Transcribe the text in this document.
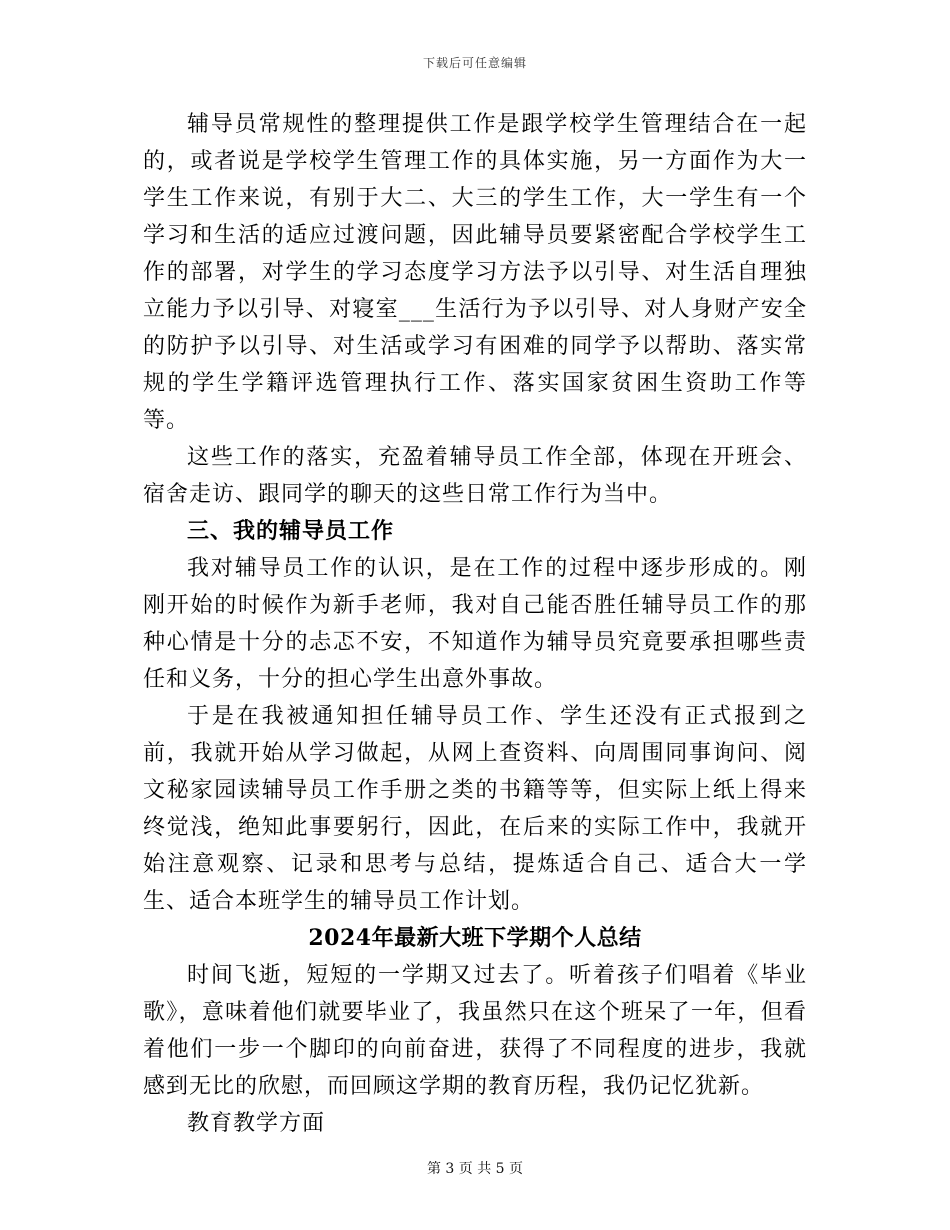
下载后可任意编辑

辅导员常规性的整理提供工作是跟学校学生管理结合在一起的，或者说是学校学生管理工作的具体实施，另一方面作为大一学生工作来说，有别于大二、大三的学生工作，大一学生有一个学习和生活的适应过渡问题，因此辅导员要紧密配合学校学生工作的部署，对学生的学习态度学习方法予以引导、对生活自理独立能力予以引导、对寝室___生活行为予以引导、对人身财产安全的防护予以引导、对生活或学习有困难的同学予以帮助、落实常规的学生学籍评选管理执行工作、落实国家贫困生资助工作等等。

这些工作的落实，充盈着辅导员工作全部，体现在开班会、宿舍走访、跟同学的聊天的这些日常工作行为当中。

三、我的辅导员工作

我对辅导员工作的认识，是在工作的过程中逐步形成的。刚刚开始的时候作为新手老师，我对自己能否胜任辅导员工作的那种心情是十分的忐忑不安，不知道作为辅导员究竟要承担哪些责任和义务，十分的担心学生出意外事故。

于是在我被通知担任辅导员工作、学生还没有正式报到之前，我就开始从学习做起，从网上查资料、向周围同事询问、阅文秘家园读辅导员工作手册之类的书籍等等，但实际上纸上得来终觉浅，绝知此事要躬行，因此，在后来的实际工作中，我就开始注意观察、记录和思考与总结，提炼适合自己、适合大一学生、适合本班学生的辅导员工作计划。

2024年最新大班下学期个人总结

时间飞逝，短短的一学期又过去了。听着孩子们唱着《毕业歌》，意味着他们就要毕业了，我虽然只在这个班呆了一年，但看着他们一步一个脚印的向前奋进，获得了不同程度的进步，我就感到无比的欣慰，而回顾这学期的教育历程，我仍记忆犹新。

教育教学方面

第 3 页 共 5 页
